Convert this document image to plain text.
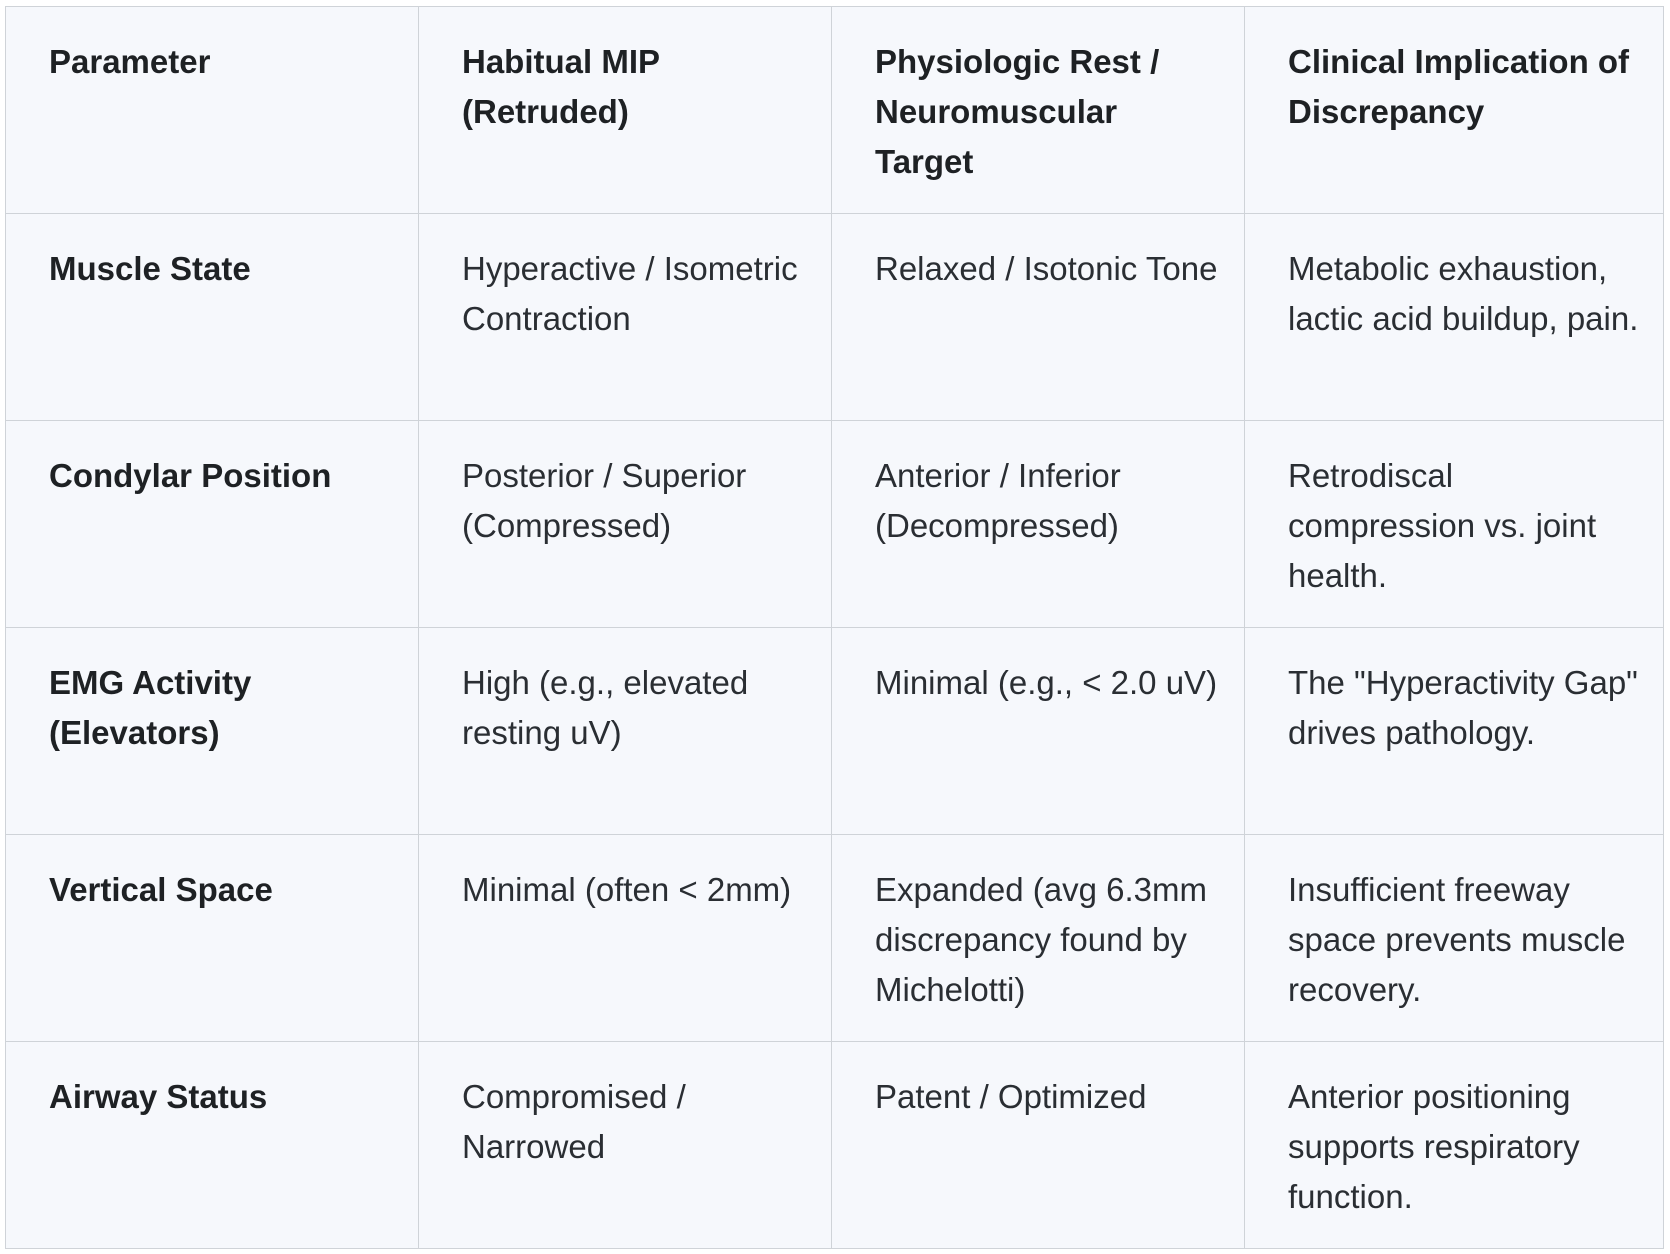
Parameter	Habitual MIP (Retruded)	Physiologic Rest / Neuromuscular Target	Clinical Implication of Discrepancy
Muscle State	Hyperactive / Isometric Contraction	Relaxed / Isotonic Tone	Metabolic exhaustion, lactic acid buildup, pain.
Condylar Position	Posterior / Superior (Compressed)	Anterior / Inferior (Decompressed)	Retrodiscal compression vs. joint health.
EMG Activity (Elevators)	High (e.g., elevated resting uV)	Minimal (e.g., < 2.0 uV)	The "Hyperactivity Gap" drives pathology.
Vertical Space	Minimal (often < 2mm)	Expanded (avg 6.3mm discrepancy found by Michelotti)	Insufficient freeway space prevents muscle recovery.
Airway Status	Compromised / Narrowed	Patent / Optimized	Anterior positioning supports respiratory function.
